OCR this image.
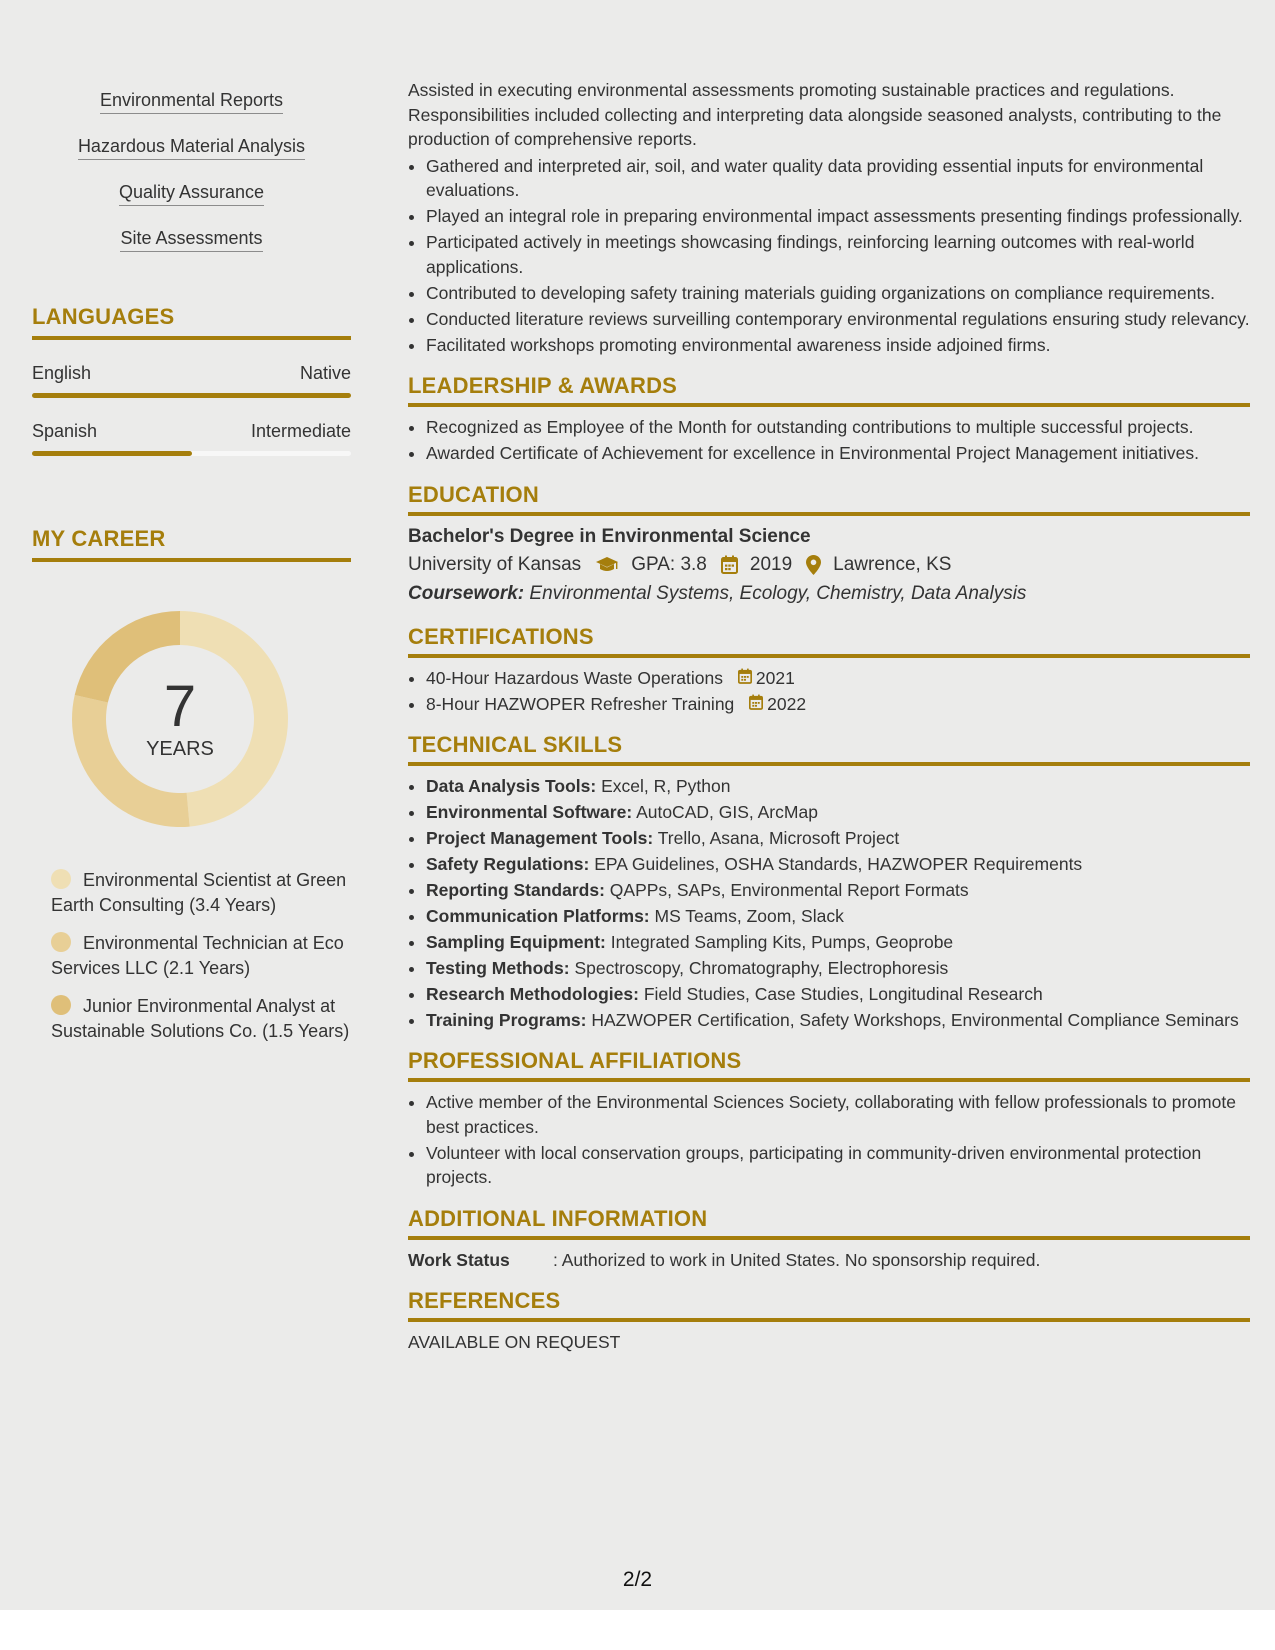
Environmental Reports
Hazardous Material Analysis
Quality Assurance
Site Assessments
LANGUAGES
English	Native
Spanish	Intermediate
MY CAREER
7
YEARS
Environmental Scientist at Green Earth Consulting (3.4 Years)
Environmental Technician at Eco Services LLC (2.1 Years)
Junior Environmental Analyst at Sustainable Solutions Co. (1.5 Years)
Assisted in executing environmental assessments promoting sustainable practices and regulations. Responsibilities included collecting and interpreting data alongside seasoned analysts, contributing to the production of comprehensive reports.
• Gathered and interpreted air, soil, and water quality data providing essential inputs for environmental evaluations.
• Played an integral role in preparing environmental impact assessments presenting findings professionally.
• Participated actively in meetings showcasing findings, reinforcing learning outcomes with real-world applications.
• Contributed to developing safety training materials guiding organizations on compliance requirements.
• Conducted literature reviews surveilling contemporary environmental regulations ensuring study relevancy.
• Facilitated workshops promoting environmental awareness inside adjoined firms.
LEADERSHIP & AWARDS
• Recognized as Employee of the Month for outstanding contributions to multiple successful projects.
• Awarded Certificate of Achievement for excellence in Environmental Project Management initiatives.
EDUCATION
Bachelor's Degree in Environmental Science
University of Kansas	GPA: 3.8 2019 Lawrence, KS
Coursework: Environmental Systems, Ecology, Chemistry, Data Analysis
CERTIFICATIONS
• 40-Hour Hazardous Waste Operations 2021
• 8-Hour HAZWOPER Refresher Training 2022
TECHNICAL SKILLS
• Data Analysis Tools: Excel, R, Python
• Environmental Software: AutoCAD, GIS, ArcMap
• Project Management Tools: Trello, Asana, Microsoft Project
• Safety Regulations: EPA Guidelines, OSHA Standards, HAZWOPER Requirements
• Reporting Standards: QAPPs, SAPs, Environmental Report Formats
• Communication Platforms: MS Teams, Zoom, Slack
• Sampling Equipment: Integrated Sampling Kits, Pumps, Geoprobe
• Testing Methods: Spectroscopy, Chromatography, Electrophoresis
• Research Methodologies: Field Studies, Case Studies, Longitudinal Research
• Training Programs: HAZWOPER Certification, Safety Workshops, Environmental Compliance Seminars
PROFESSIONAL AFFILIATIONS
• Active member of the Environmental Sciences Society, collaborating with fellow professionals to promote best practices.
• Volunteer with local conservation groups, participating in community-driven environmental protection projects.
ADDITIONAL INFORMATION
Work Status	: Authorized to work in United States. No sponsorship required.
REFERENCES
AVAILABLE ON REQUEST
2/2
